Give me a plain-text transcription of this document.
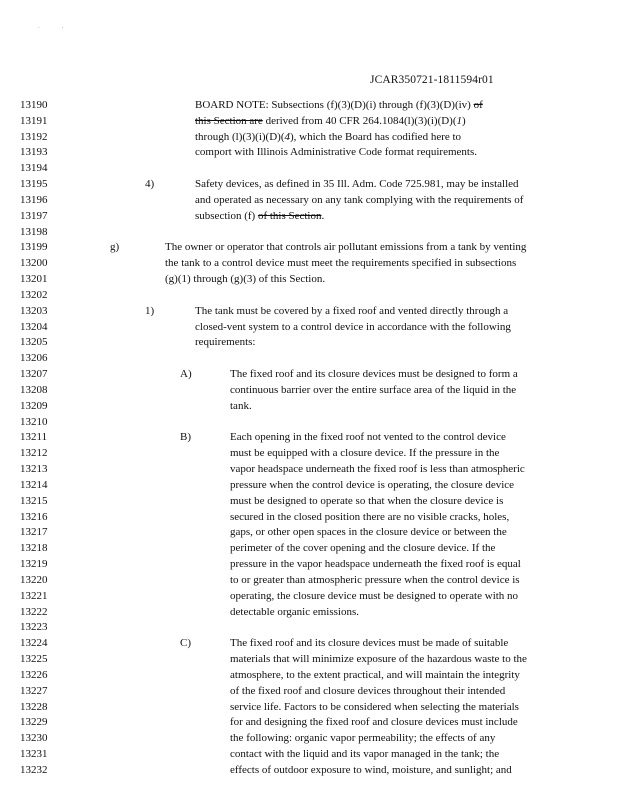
. .
JCAR350721-1811594r01
13190	BOARD NOTE: Subsections (f)(3)(D)(i) through (f)(3)(D)(iv) of
13191	this Section are derived from 40 CFR 264.1084(l)(3)(i)(D)(1)
13192	through (l)(3)(i)(D)(4), which the Board has codified here to
13193	comport with Illinois Administrative Code format requirements.
13194
13195	4)	Safety devices, as defined in 35 Ill. Adm. Code 725.981, may be installed
13196	and operated as necessary on any tank complying with the requirements of
13197	subsection (f) of this Section.
13198
13199	g)	The owner or operator that controls air pollutant emissions from a tank by venting
13200	the tank to a control device must meet the requirements specified in subsections
13201	(g)(1) through (g)(3) of this Section.
13202
13203	1)	The tank must be covered by a fixed roof and vented directly through a
13204	closed-vent system to a control device in accordance with the following
13205	requirements:
13206
13207	A)	The fixed roof and its closure devices must be designed to form a
13208	continuous barrier over the entire surface area of the liquid in the
13209	tank.
13210
13211	B)	Each opening in the fixed roof not vented to the control device
13212	must be equipped with a closure device. If the pressure in the
13213	vapor headspace underneath the fixed roof is less than atmospheric
13214	pressure when the control device is operating, the closure device
13215	must be designed to operate so that when the closure device is
13216	secured in the closed position there are no visible cracks, holes,
13217	gaps, or other open spaces in the closure device or between the
13218	perimeter of the cover opening and the closure device. If the
13219	pressure in the vapor headspace underneath the fixed roof is equal
13220	to or greater than atmospheric pressure when the control device is
13221	operating, the closure device must be designed to operate with no
13222	detectable organic emissions.
13223
13224	C)	The fixed roof and its closure devices must be made of suitable
13225	materials that will minimize exposure of the hazardous waste to the
13226	atmosphere, to the extent practical, and will maintain the integrity
13227	of the fixed roof and closure devices throughout their intended
13228	service life. Factors to be considered when selecting the materials
13229	for and designing the fixed roof and closure devices must include
13230	the following: organic vapor permeability; the effects of any
13231	contact with the liquid and its vapor managed in the tank; the
13232	effects of outdoor exposure to wind, moisture, and sunlight; and
